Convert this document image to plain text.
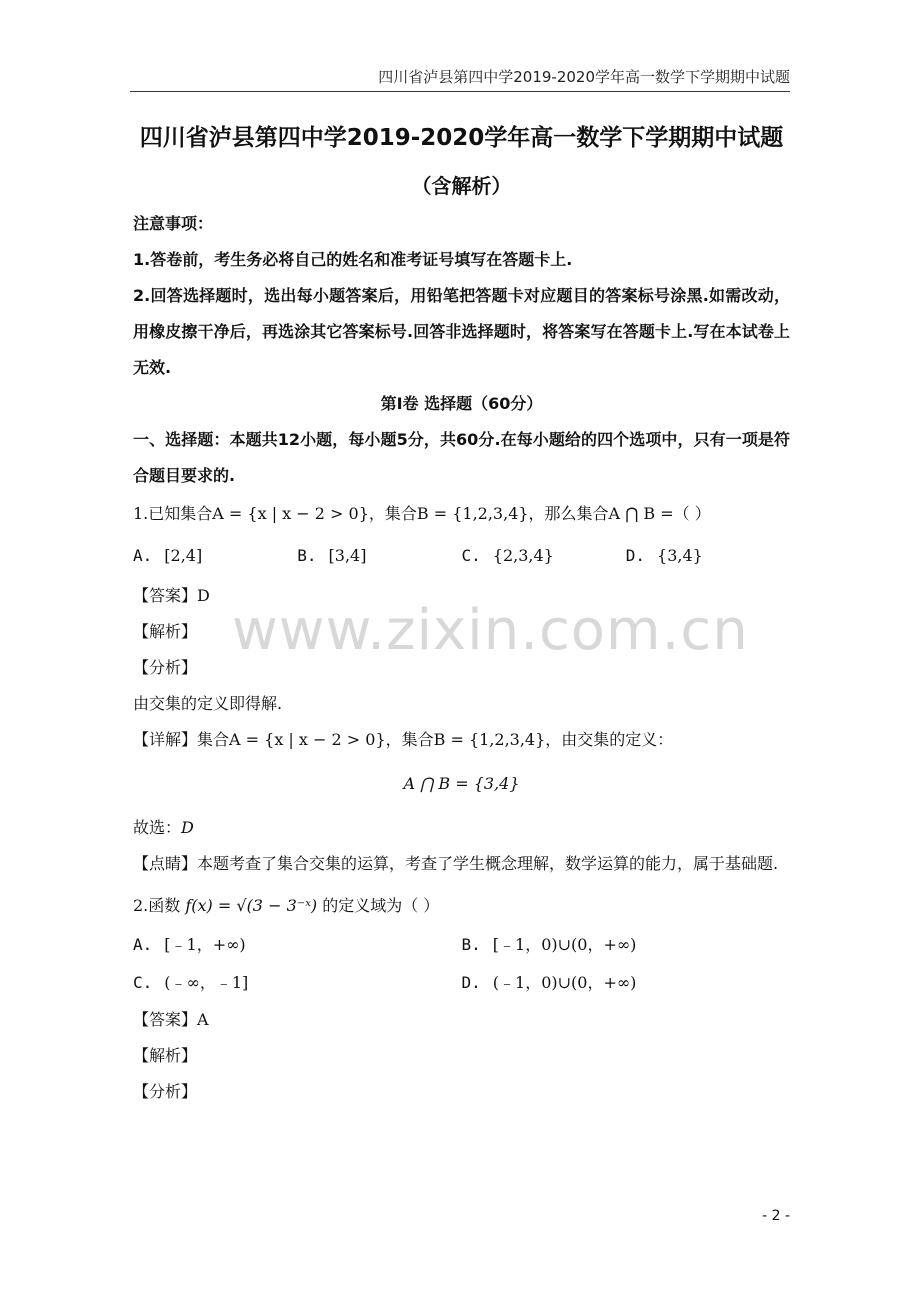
四川省泸县第四中学2019-2020学年高一数学下学期期中试题
www.zixin.com.cn
四川省泸县第四中学2019-2020学年高一数学下学期期中试题
（含解析）

注意事项：

1.答卷前，考生务必将自己的姓名和准考证号填写在答题卡上.

2.回答选择题时，选出每小题答案后，用铅笔把答题卡对应题目的答案标号涂黑.如需改动，用橡皮擦干净后，再选涂其它答案标号.回答非选择题时，将答案写在答题卡上.写在本试卷上无效.

第Ⅰ卷 选择题（60分）

一、选择题：本题共12小题，每小题5分，共60分.在每小题给的四个选项中，只有一项是符合题目要求的.

1.已知集合A = {x | x − 2 > 0}，集合B = {1,2,3,4}，那么集合A ⋂ B =（ ）

A. [2,4]	B. [3,4]	C. {2,3,4}	D. {3,4}

【答案】D

【解析】

【分析】

由交集的定义即得解.

【详解】集合A = {x | x − 2 > 0}，集合B = {1,2,3,4}，由交集的定义：

A ⋂ B = {3,4}

故选：D

【点睛】本题考查了集合交集的运算，考查了学生概念理解，数学运算的能力，属于基础题.

2.函数 f(x) = √(3 − 3⁻ˣ) 的定义域为（ ）

A. [﹣1，+∞)	B. [﹣1，0)∪(0，+∞)
C. (﹣∞，﹣1]	D. (﹣1，0)∪(0，+∞)

【答案】A

【解析】

【分析】

- 2 -
